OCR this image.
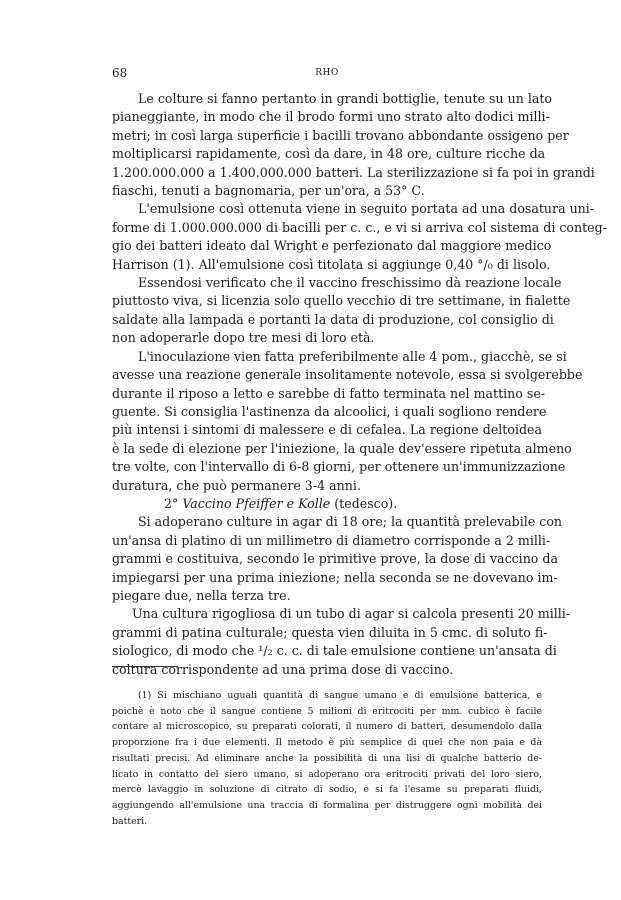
68	RHO
Le colture si fanno pertanto in grandi bottiglie, tenute su un lato
pianeggiante, in modo che il brodo formi uno strato alto dodici milli-
metri; in così larga superficie i bacilli trovano abbondante ossigeno per
moltiplicarsi rapidamente, così da dare, in 48 ore, culture ricche da
1.200.000.000 a 1.400.000.000 batteri. La sterilizzazione si fa poi in grandi
fiaschi, tenuti a bagnomaria, per un'ora, a 53° C.
L'emulsione così ottenuta viene in seguito portata ad una dosatura uni-
forme di 1.000.000.000 di bacilli per c. c., e vi si arriva col sistema di conteg-
gio dei batteri ideato dal Wright e perfezionato dal maggiore medico
Harrison (1). All'emulsione così titolata si aggiunge 0,40 °/₀ di lisolo.
Essendosi verificato che il vaccino freschissimo dà reazione locale
piuttosto viva, si licenzia solo quello vecchio di tre settimane, in fialette
saldate alla lampada e portanti la data di produzione, col consiglio di
non adoperarle dopo tre mesi di loro età.
L'inoculazione vien fatta preferibilmente alle 4 pom., giacchè, se si
avesse una reazione generale insolitamente notevole, essa si svolgerebbe
durante il riposo a letto e sarebbe di fatto terminata nel mattino se-
guente. Si consiglia l'astinenza da alcoolici, i quali sogliono rendere
più intensi i sintomi di malessere e di cefalea. La regione deltoidea
è la sede di elezione per l'iniezione, la quale dev'essere ripetuta almeno
tre volte, con l'intervallo di 6-8 giorni, per ottenere un'immunizzazione
duratura, che può permanere 3-4 anni.
2° Vaccino Pfeiffer e Kolle (tedesco).
Si adoperano culture in agar di 18 ore; la quantità prelevabile con
un'ansa di platino di un millimetro di diametro corrisponde a 2 milli-
grammi e costituiva, secondo le primitive prove, la dose di vaccino da
impiegarsi per una prima iniezione; nella seconda se ne dovevano im-
piegare due, nella terza tre.
Una cultura rigogliosa di un tubo di agar si calcola presenti 20 milli-
grammi di patina culturale; questa vien diluita in 5 cmc. di soluto fi-
siologico, di modo che ¹/₂ c. c. di tale emulsione contiene un'ansata di
coltura corrispondente ad una prima dose di vaccino.
(1) Si mischiano uguali quantità di sangue umano e di emulsione batterica, e
poichè è noto che il sangue contiene 5 milioni di eritrociti per mm. cubico è facile
contare al microscopico, su preparati colorati, il numero di batteri, desumendolo dalla
proporzione fra i due elementi. Il metodo è più semplice di quel che non paia e dà
risultati precisi. Ad eliminare anche la possibilità di una lisi di qualche batterio de-
licato in contatto del siero umano, si adoperano ora eritrociti privati del loro siero,
mercè lavaggio in soluzione di citrato di sodio, e si fa l'esame su preparati fluidi,
aggiungendo all'emulsione una traccia di formalina per distruggere ogni mobilità dei
batteri.
